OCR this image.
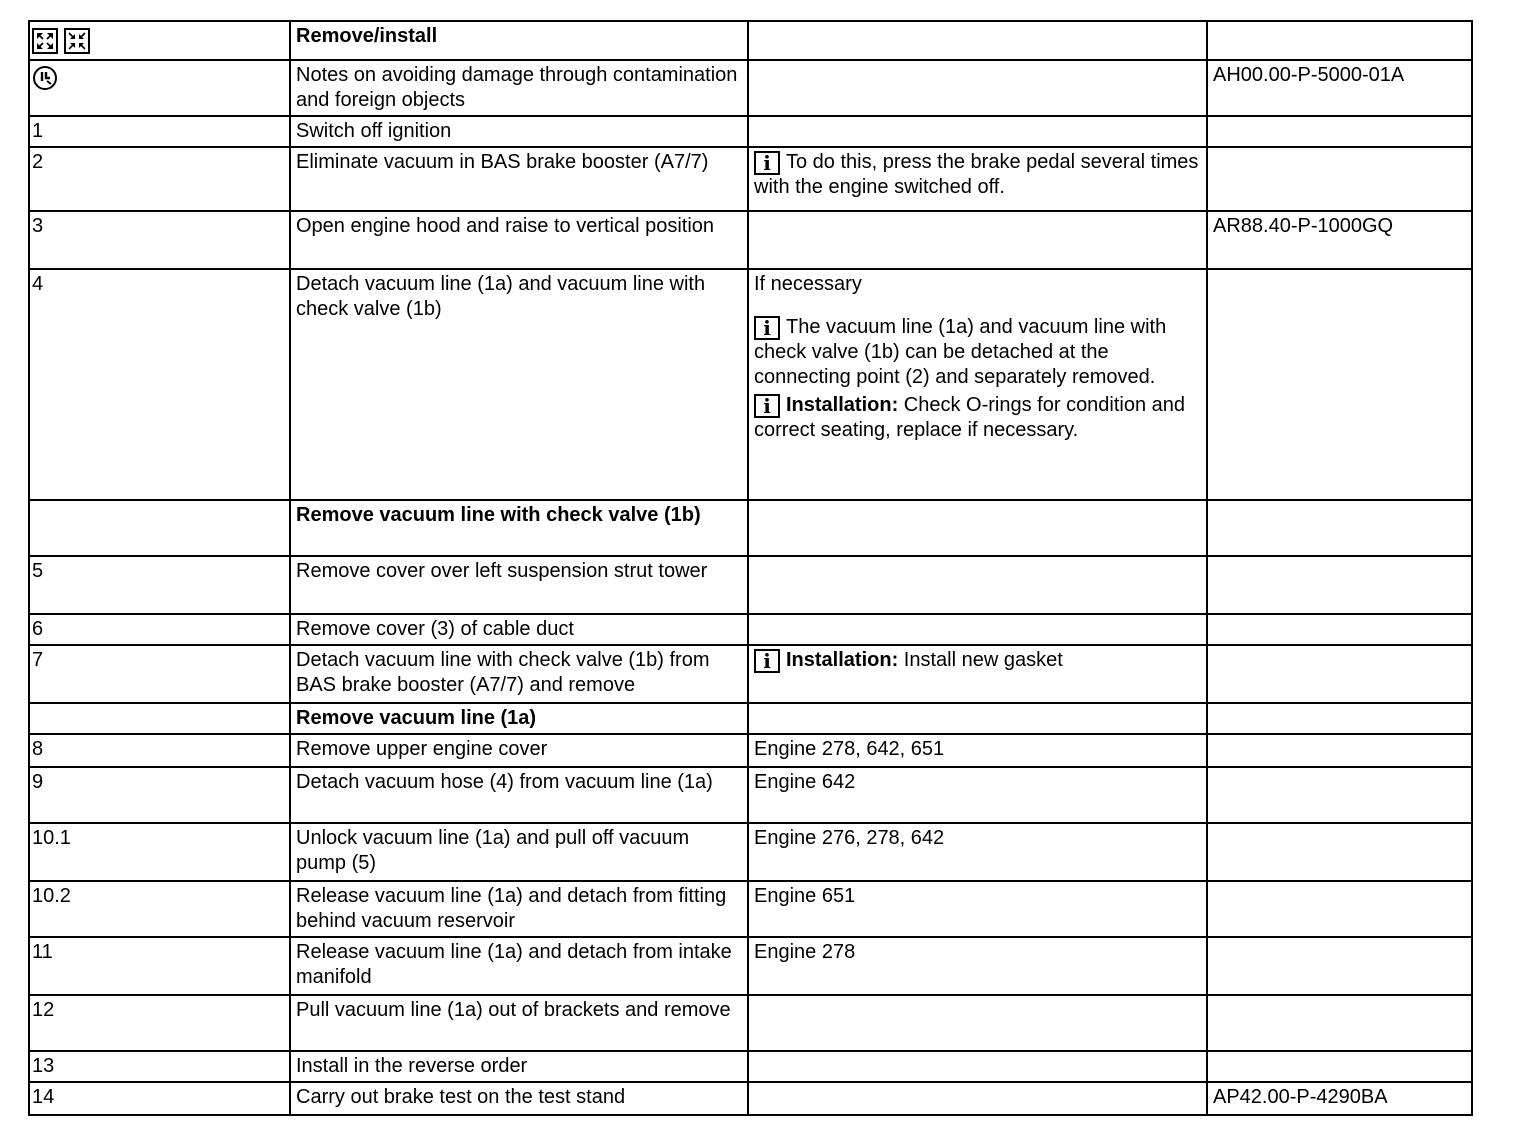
	Remove/install		
	Notes on avoiding damage through contamination and foreign objects		AH00.00-P-5000-01A
1	Switch off ignition		
2	Eliminate vacuum in BAS brake booster (A7/7)	i To do this, press the brake pedal several times with the engine switched off.	
3	Open engine hood and raise to vertical position		AR88.40-P-1000GQ
4	Detach vacuum line (1a) and vacuum line with check valve (1b)	If necessary
i The vacuum line (1a) and vacuum line with check valve (1b) can be detached at the connecting point (2) and separately removed.
i Installation: Check O-rings for condition and correct seating, replace if necessary.	

	Remove vacuum line with check valve (1b)		
5	Remove cover over left suspension strut tower		
6	Remove cover (3) of cable duct		
7	Detach vacuum line with check valve (1b) from BAS brake booster (A7/7) and remove	i Installation: Install new gasket	
	Remove vacuum line (1a)		
8	Remove upper engine cover	Engine 278, 642, 651	
9	Detach vacuum hose (4) from vacuum line (1a)	Engine 642	
10.1	Unlock vacuum line (1a) and pull off vacuum pump (5)	Engine 276, 278, 642	
10.2	Release vacuum line (1a) and detach from fitting behind vacuum reservoir	Engine 651	
11	Release vacuum line (1a) and detach from intake manifold	Engine 278	
12	Pull vacuum line (1a) out of brackets and remove		
13	Install in the reverse order		
14	Carry out brake test on the test stand		AP42.00-P-4290BA
